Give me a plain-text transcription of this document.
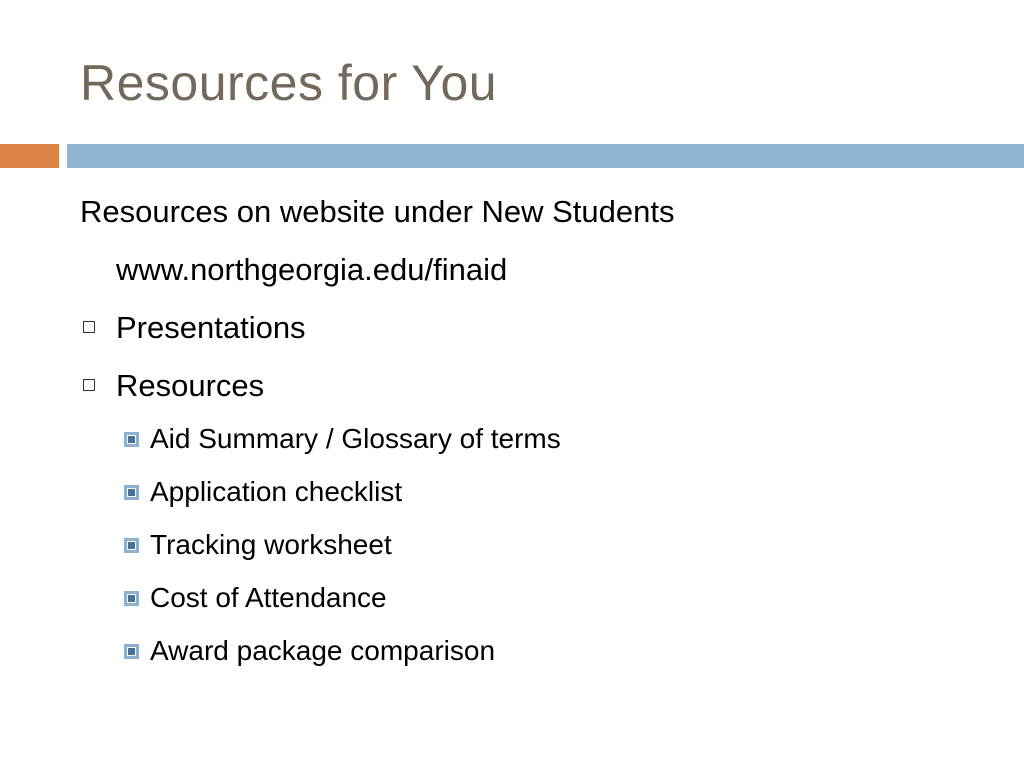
Resources for You
Resources on website under New Students
www.northgeorgia.edu/finaid
Presentations
Resources
Aid Summary / Glossary of terms
Application checklist
Tracking worksheet
Cost of Attendance
Award package comparison
